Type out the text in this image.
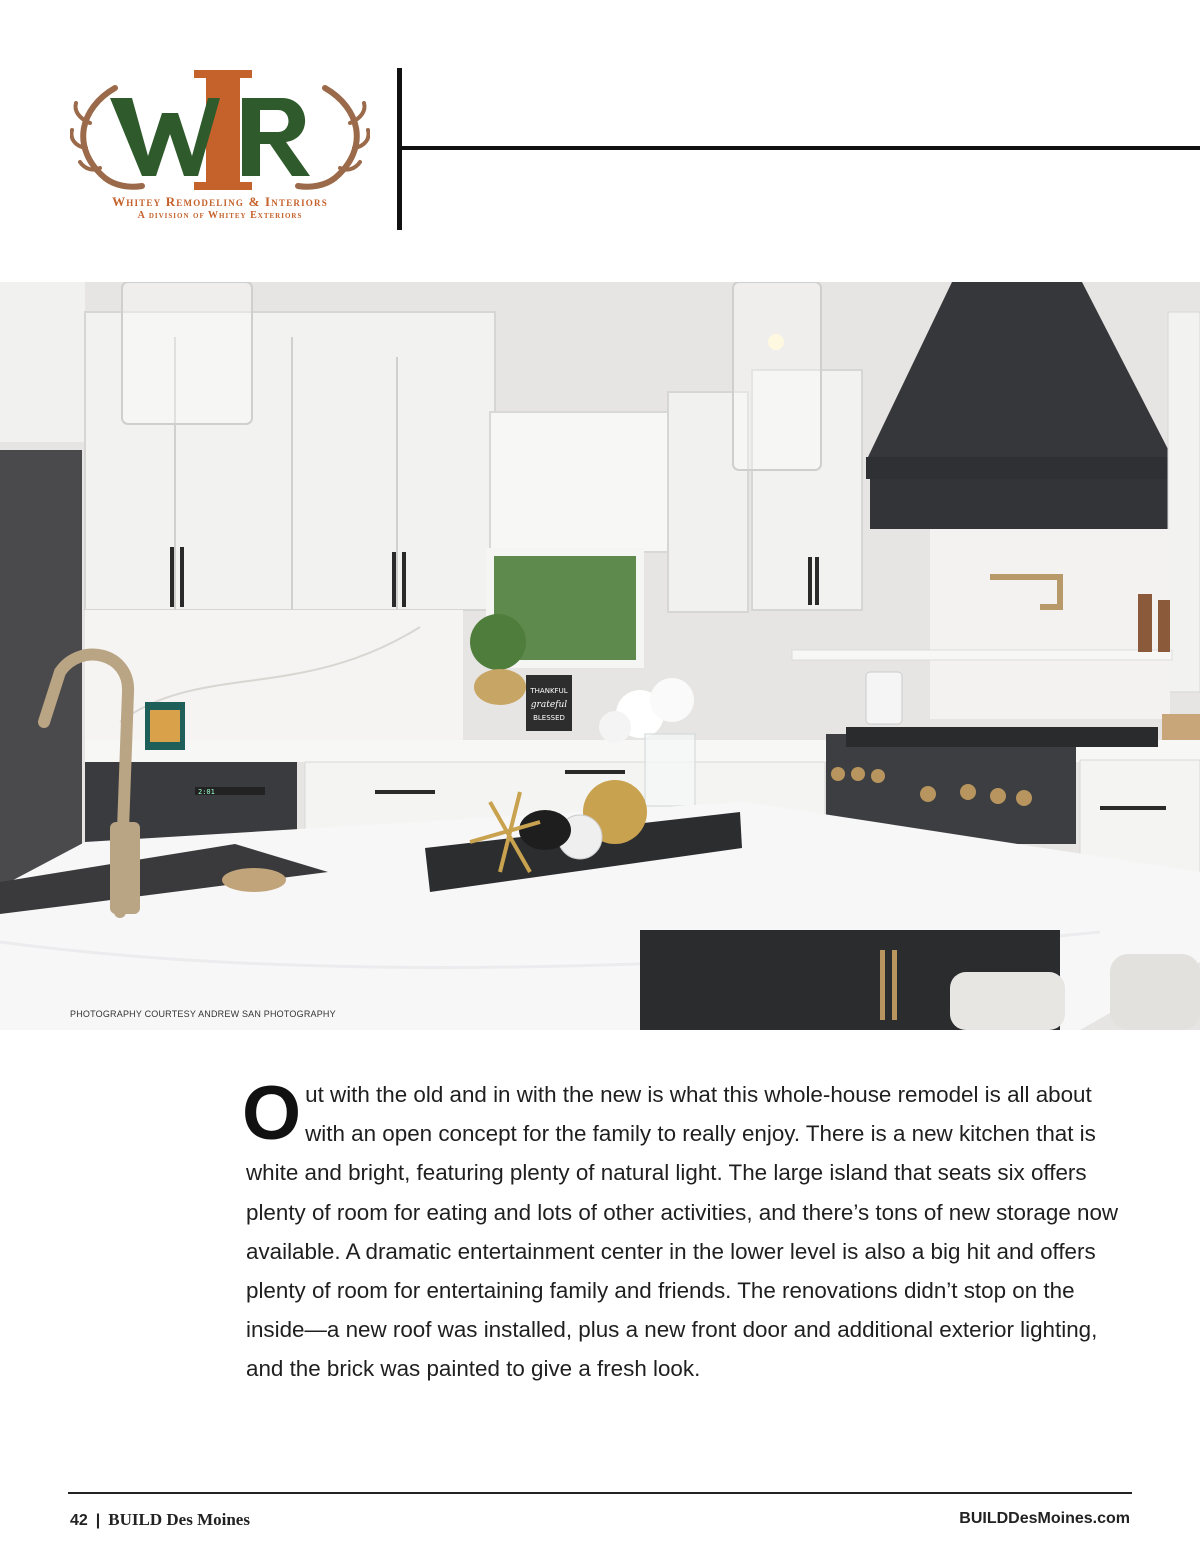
Whitey Remodeling & Interiors
A division of Whitey Exteriors
2:01
THANKFUL
grateful
BLESSED
PHOTOGRAPHY COURTESY ANDREW SAN PHOTOGRAPHY
O ut with the old and in with the new is what this whole-house remodel is all about with an open concept for the family to really enjoy. There is a new kitchen that is white and bright, featuring plenty of natural light. The large island that seats six offers plenty of room for eating and lots of other activities, and there’s tons of new storage now available. A dramatic entertainment center in the lower level is also a big hit and offers plenty of room for entertaining family and friends. The renovations didn’t stop on the inside—a new roof was installed, plus a new front door and additional exterior lighting, and the brick was painted to give a fresh look.

42 | BUILD Des Moines	BUILDDesMoines.com
